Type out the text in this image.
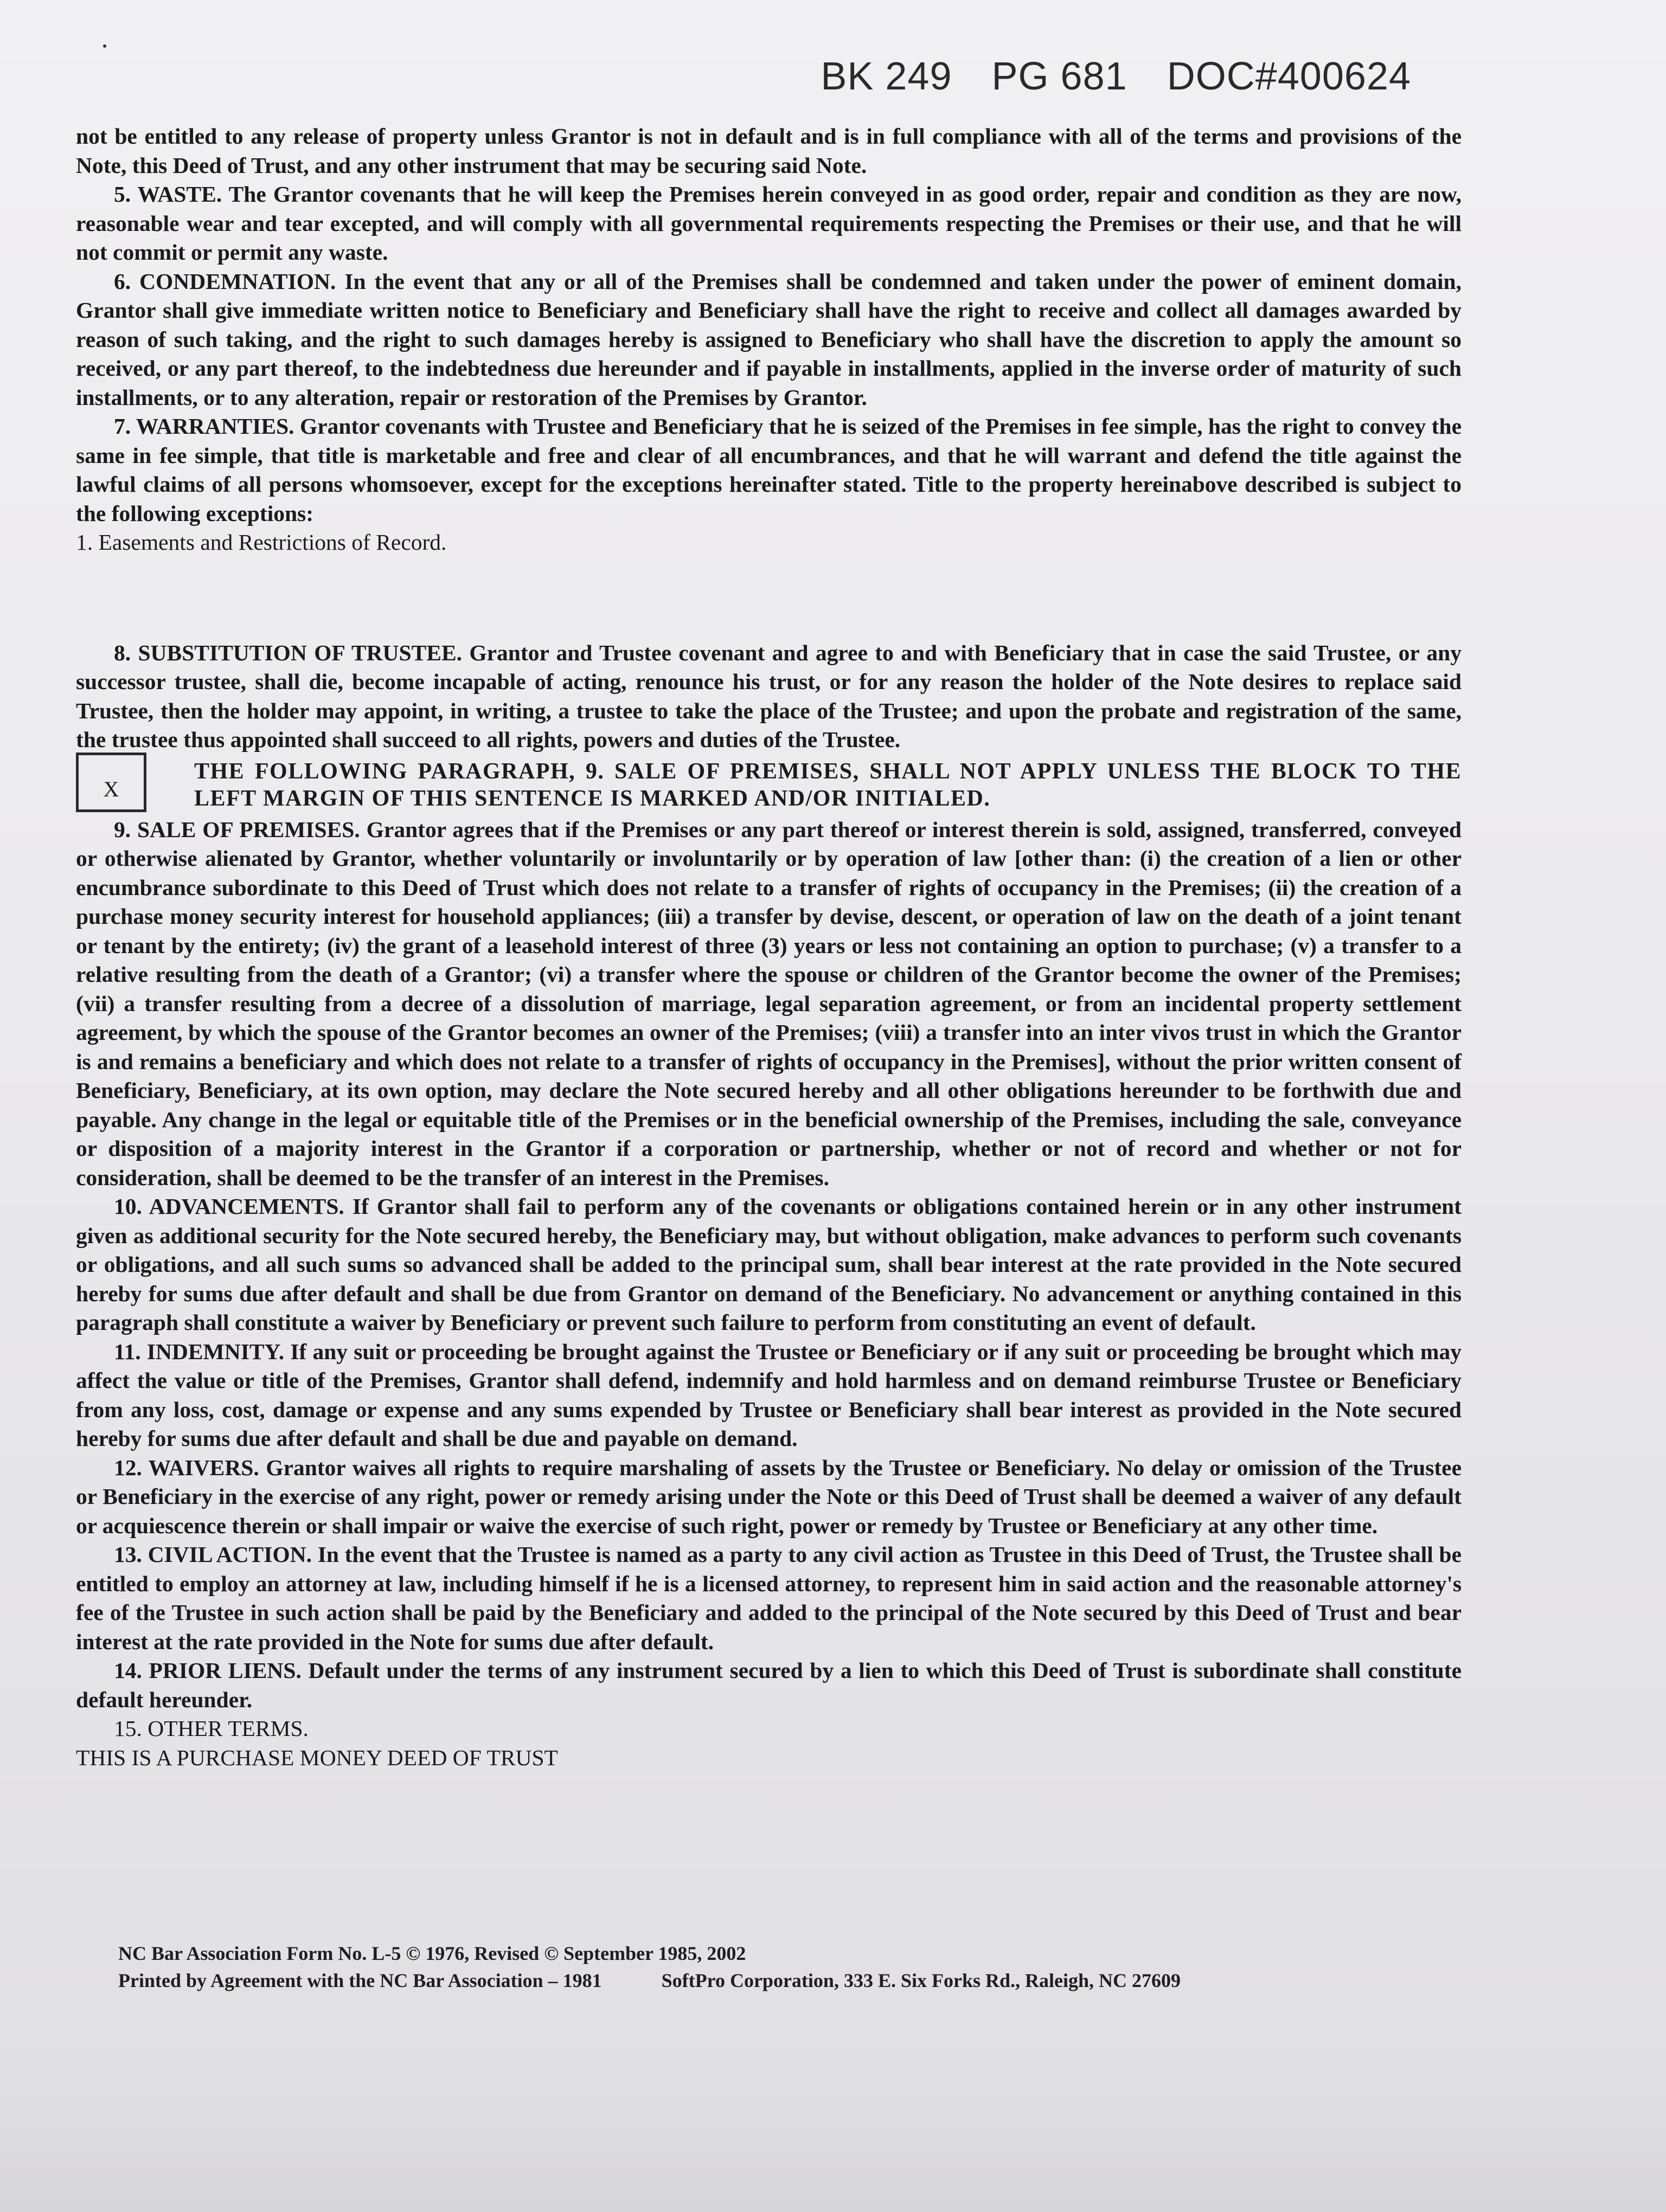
BK 249 PG 681 DOC#400624

not be entitled to any release of property unless Grantor is not in default and is in full compliance with all of the terms and provisions of the Note, this Deed of Trust, and any other instrument that may be securing said Note.

5. WASTE. The Grantor covenants that he will keep the Premises herein conveyed in as good order, repair and condition as they are now, reasonable wear and tear excepted, and will comply with all governmental requirements respecting the Premises or their use, and that he will not commit or permit any waste.

6. CONDEMNATION. In the event that any or all of the Premises shall be condemned and taken under the power of eminent domain, Grantor shall give immediate written notice to Beneficiary and Beneficiary shall have the right to receive and collect all damages awarded by reason of such taking, and the right to such damages hereby is assigned to Beneficiary who shall have the discretion to apply the amount so received, or any part thereof, to the indebtedness due hereunder and if payable in installments, applied in the inverse order of maturity of such installments, or to any alteration, repair or restoration of the Premises by Grantor.

7. WARRANTIES. Grantor covenants with Trustee and Beneficiary that he is seized of the Premises in fee simple, has the right to convey the same in fee simple, that title is marketable and free and clear of all encumbrances, and that he will warrant and defend the title against the lawful claims of all persons whomsoever, except for the exceptions hereinafter stated. Title to the property hereinabove described is subject to the following exceptions:

1. Easements and Restrictions of Record.

8. SUBSTITUTION OF TRUSTEE. Grantor and Trustee covenant and agree to and with Beneficiary that in case the said Trustee, or any successor trustee, shall die, become incapable of acting, renounce his trust, or for any reason the holder of the Note desires to replace said Trustee, then the holder may appoint, in writing, a trustee to take the place of the Trustee; and upon the probate and registration of the same, the trustee thus appointed shall succeed to all rights, powers and duties of the Trustee.

X
THE FOLLOWING PARAGRAPH, 9. SALE OF PREMISES, SHALL NOT APPLY UNLESS THE BLOCK TO THE LEFT MARGIN OF THIS SENTENCE IS MARKED AND/OR INITIALED.

9. SALE OF PREMISES. Grantor agrees that if the Premises or any part thereof or interest therein is sold, assigned, transferred, conveyed or otherwise alienated by Grantor, whether voluntarily or involuntarily or by operation of law [other than: (i) the creation of a lien or other encumbrance subordinate to this Deed of Trust which does not relate to a transfer of rights of occupancy in the Premises; (ii) the creation of a purchase money security interest for household appliances; (iii) a transfer by devise, descent, or operation of law on the death of a joint tenant or tenant by the entirety; (iv) the grant of a leasehold interest of three (3) years or less not containing an option to purchase; (v) a transfer to a relative resulting from the death of a Grantor; (vi) a transfer where the spouse or children of the Grantor become the owner of the Premises; (vii) a transfer resulting from a decree of a dissolution of marriage, legal separation agreement, or from an incidental property settlement agreement, by which the spouse of the Grantor becomes an owner of the Premises; (viii) a transfer into an inter vivos trust in which the Grantor is and remains a beneficiary and which does not relate to a transfer of rights of occupancy in the Premises], without the prior written consent of Beneficiary, Beneficiary, at its own option, may declare the Note secured hereby and all other obligations hereunder to be forthwith due and payable. Any change in the legal or equitable title of the Premises or in the beneficial ownership of the Premises, including the sale, conveyance or disposition of a majority interest in the Grantor if a corporation or partnership, whether or not of record and whether or not for consideration, shall be deemed to be the transfer of an interest in the Premises.

10. ADVANCEMENTS. If Grantor shall fail to perform any of the covenants or obligations contained herein or in any other instrument given as additional security for the Note secured hereby, the Beneficiary may, but without obligation, make advances to perform such covenants or obligations, and all such sums so advanced shall be added to the principal sum, shall bear interest at the rate provided in the Note secured hereby for sums due after default and shall be due from Grantor on demand of the Beneficiary. No advancement or anything contained in this paragraph shall constitute a waiver by Beneficiary or prevent such failure to perform from constituting an event of default.

11. INDEMNITY. If any suit or proceeding be brought against the Trustee or Beneficiary or if any suit or proceeding be brought which may affect the value or title of the Premises, Grantor shall defend, indemnify and hold harmless and on demand reimburse Trustee or Beneficiary from any loss, cost, damage or expense and any sums expended by Trustee or Beneficiary shall bear interest as provided in the Note secured hereby for sums due after default and shall be due and payable on demand.

12. WAIVERS. Grantor waives all rights to require marshaling of assets by the Trustee or Beneficiary. No delay or omission of the Trustee or Beneficiary in the exercise of any right, power or remedy arising under the Note or this Deed of Trust shall be deemed a waiver of any default or acquiescence therein or shall impair or waive the exercise of such right, power or remedy by Trustee or Beneficiary at any other time.

13. CIVIL ACTION. In the event that the Trustee is named as a party to any civil action as Trustee in this Deed of Trust, the Trustee shall be entitled to employ an attorney at law, including himself if he is a licensed attorney, to represent him in said action and the reasonable attorney's fee of the Trustee in such action shall be paid by the Beneficiary and added to the principal of the Note secured by this Deed of Trust and bear interest at the rate provided in the Note for sums due after default.

14. PRIOR LIENS. Default under the terms of any instrument secured by a lien to which this Deed of Trust is subordinate shall constitute default hereunder.

15. OTHER TERMS.

THIS IS A PURCHASE MONEY DEED OF TRUST

NC Bar Association Form No. L-5 © 1976, Revised © September 1985, 2002
Printed by Agreement with the NC Bar Association – 1981	SoftPro Corporation, 333 E. Six Forks Rd., Raleigh, NC 27609
